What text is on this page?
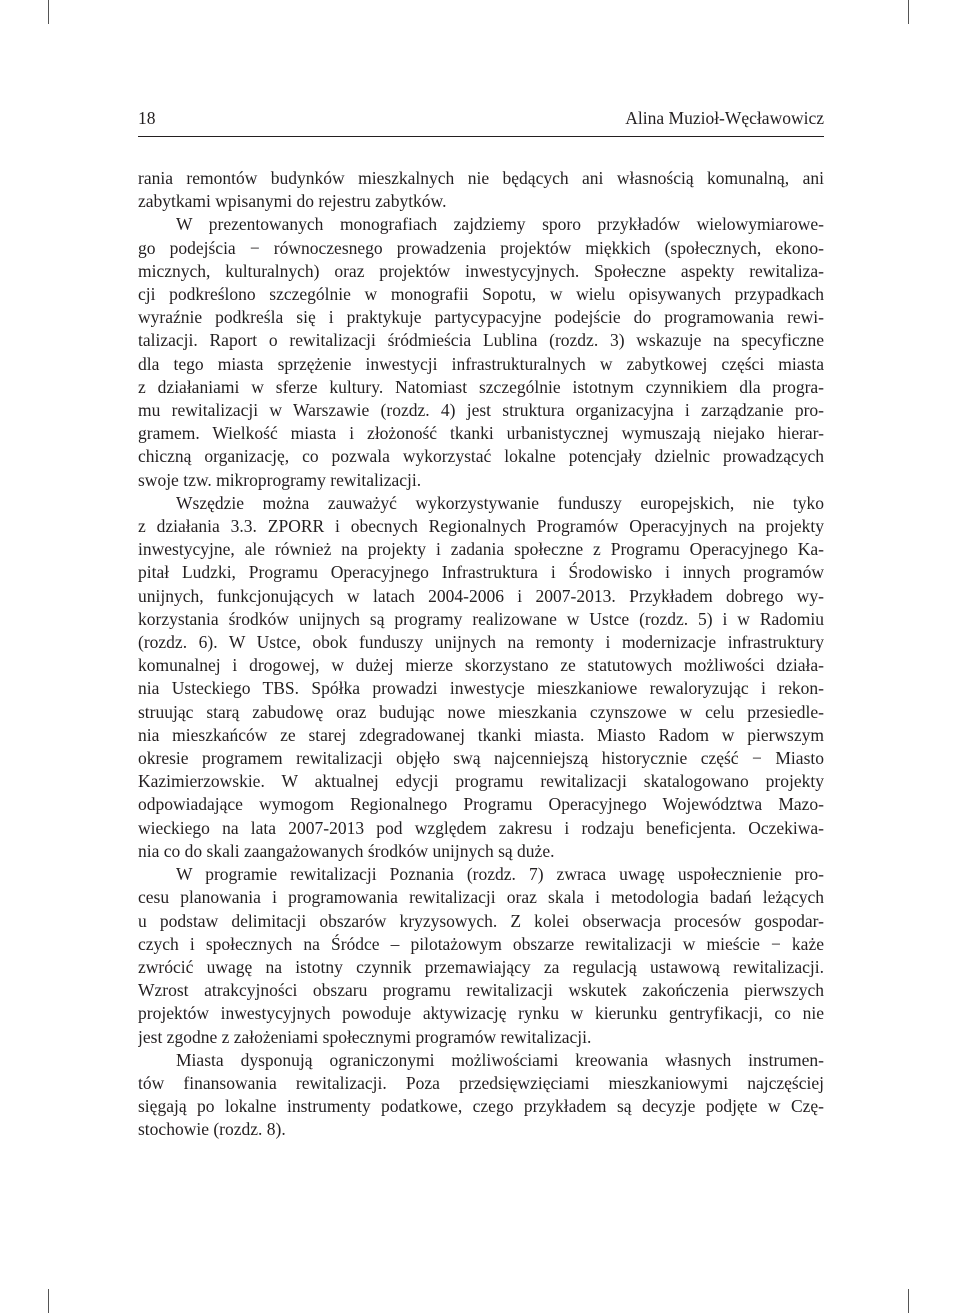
18	Alina Muzioł-Węcławowicz
rania remontów budynków mieszkalnych nie będących ani własnością komunalną, ani
zabytkami wpisanymi do rejestru zabytków.
W prezentowanych monografiach zajdziemy sporo przykładów wielowymiarowe-
go podejścia − równoczesnego prowadzenia projektów miękkich (społecznych, ekono-
micznych, kulturalnych) oraz projektów inwestycyjnych. Społeczne aspekty rewitaliza-
cji podkreślono szczególnie w monografii Sopotu, w wielu opisywanych przypadkach
wyraźnie podkreśla się i praktykuje partycypacyjne podejście do programowania rewi-
talizacji. Raport o rewitalizacji śródmieścia Lublina (rozdz. 3) wskazuje na specyficzne
dla tego miasta sprzężenie inwestycji infrastrukturalnych w zabytkowej części miasta
z działaniami w sferze kultury. Natomiast szczególnie istotnym czynnikiem dla progra-
mu rewitalizacji w Warszawie (rozdz. 4) jest struktura organizacyjna i zarządzanie pro-
gramem. Wielkość miasta i złożoność tkanki urbanistycznej wymuszają niejako hierar-
chiczną organizację, co pozwala wykorzystać lokalne potencjały dzielnic prowadzących
swoje tzw. mikroprogramy rewitalizacji.
Wszędzie można zauważyć wykorzystywanie funduszy europejskich, nie tyko
z działania 3.3. ZPORR i obecnych Regionalnych Programów Operacyjnych na projekty
inwestycyjne, ale również na projekty i zadania społeczne z Programu Operacyjnego Ka-
pitał Ludzki, Programu Operacyjnego Infrastruktura i Środowisko i innych programów
unijnych, funkcjonujących w latach 2004-2006 i 2007-2013. Przykładem dobrego wy-
korzystania środków unijnych są programy realizowane w Ustce (rozdz. 5) i w Radomiu
(rozdz. 6). W Ustce, obok funduszy unijnych na remonty i modernizacje infrastruktury
komunalnej i drogowej, w dużej mierze skorzystano ze statutowych możliwości działa-
nia Usteckiego TBS. Spółka prowadzi inwestycje mieszkaniowe rewaloryzując i rekon-
struując starą zabudowę oraz budując nowe mieszkania czynszowe w celu przesiedle-
nia mieszkańców ze starej zdegradowanej tkanki miasta. Miasto Radom w pierwszym
okresie programem rewitalizacji objęło swą najcenniejszą historycznie część − Miasto
Kazimierzowskie. W aktualnej edycji programu rewitalizacji skatalogowano projekty
odpowiadające wymogom Regionalnego Programu Operacyjnego Województwa Mazo-
wieckiego na lata 2007-2013 pod względem zakresu i rodzaju beneficjenta. Oczekiwa-
nia co do skali zaangażowanych środków unijnych są duże.
W programie rewitalizacji Poznania (rozdz. 7) zwraca uwagę uspołecznienie pro-
cesu planowania i programowania rewitalizacji oraz skala i metodologia badań leżących
u podstaw delimitacji obszarów kryzysowych. Z kolei obserwacja procesów gospodar-
czych i społecznych na Śródce – pilotażowym obszarze rewitalizacji w mieście − każe
zwrócić uwagę na istotny czynnik przemawiający za regulacją ustawową rewitalizacji.
Wzrost atrakcyjności obszaru programu rewitalizacji wskutek zakończenia pierwszych
projektów inwestycyjnych powoduje aktywizację rynku w kierunku gentryfikacji, co nie
jest zgodne z założeniami społecznymi programów rewitalizacji.
Miasta dysponują ograniczonymi możliwościami kreowania własnych instrumen-
tów finansowania rewitalizacji. Poza przedsięwzięciami mieszkaniowymi najczęściej
sięgają po lokalne instrumenty podatkowe, czego przykładem są decyzje podjęte w Czę-
stochowie (rozdz. 8).
